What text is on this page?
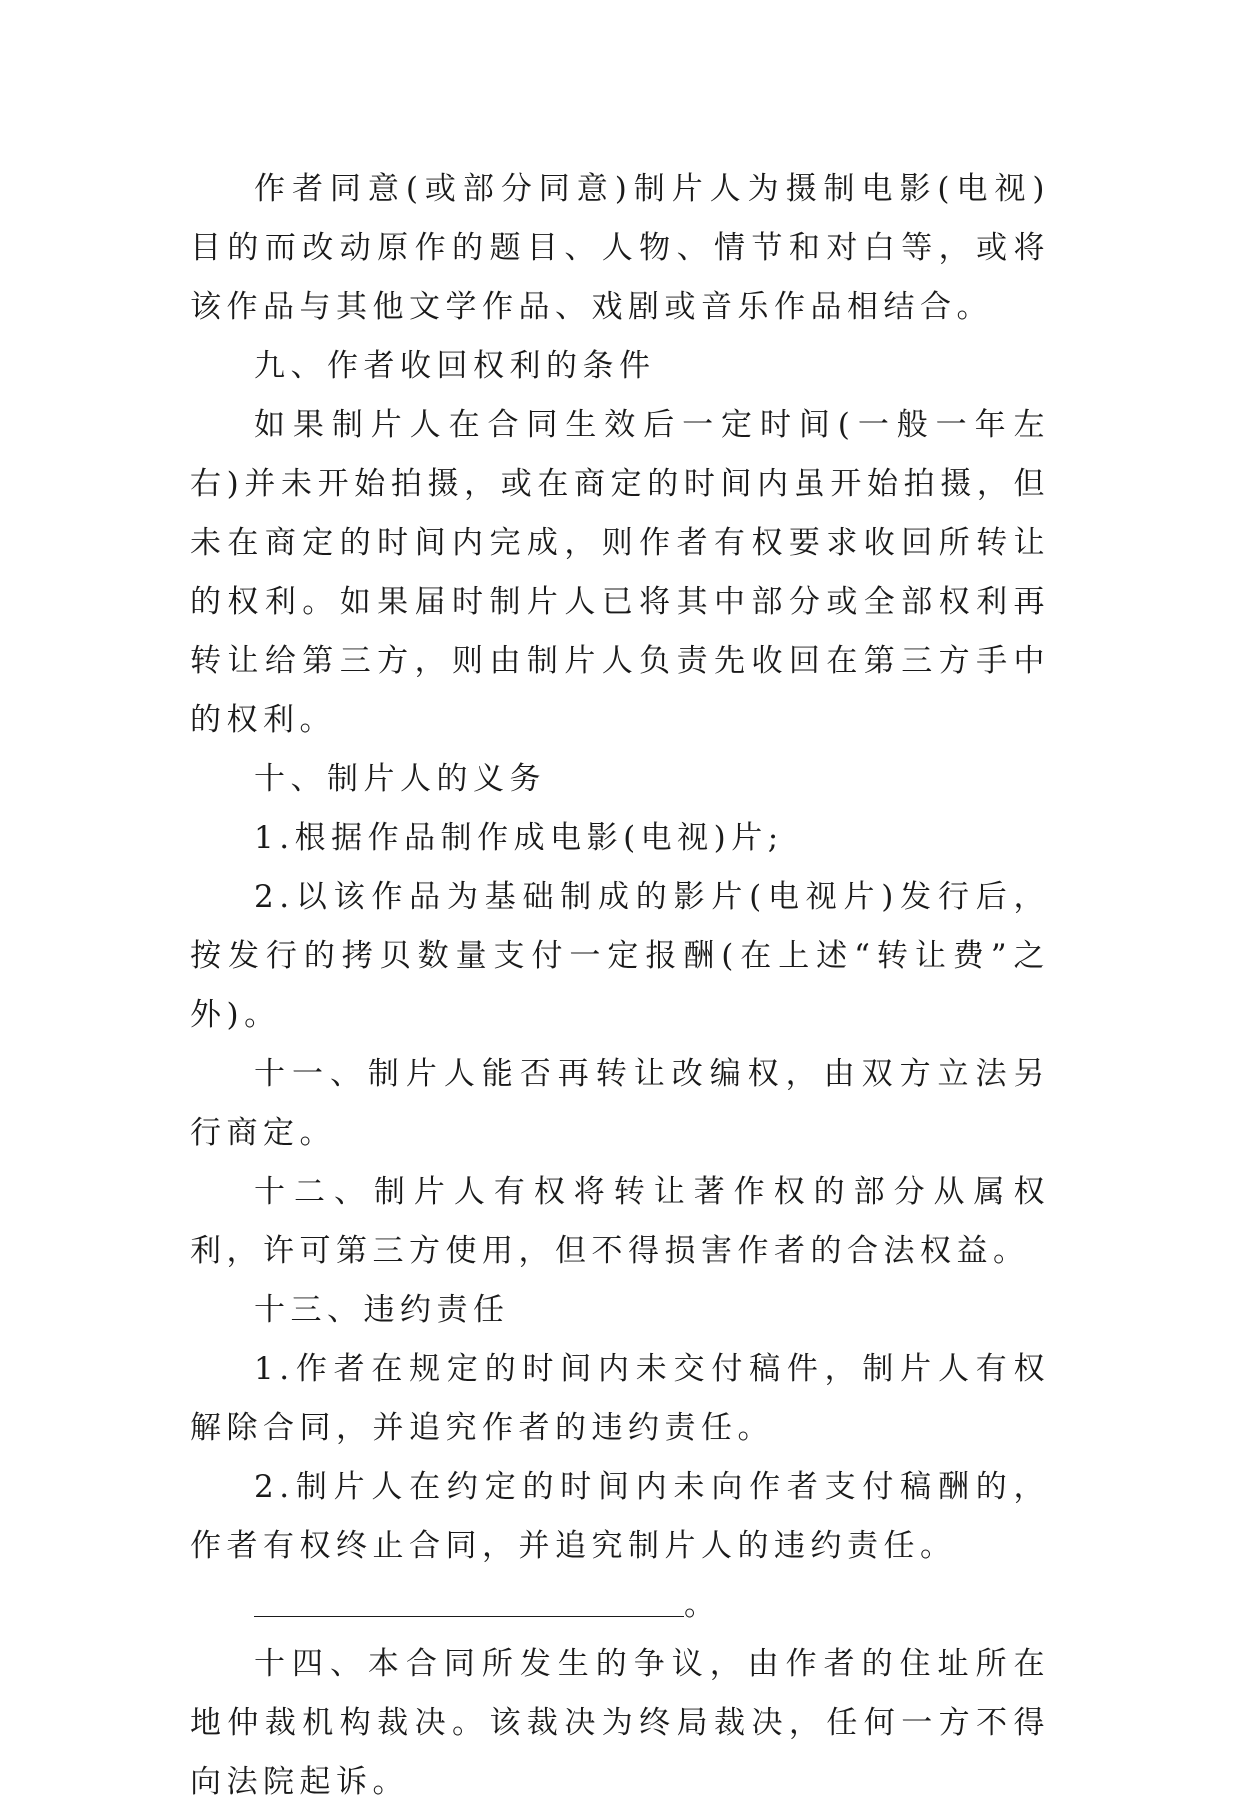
作者同意(或部分同意)制片人为摄制电影(电视)目的而改动原作的题目、人物、情节和对白等，或将该作品与其他文学作品、戏剧或音乐作品相结合。

九、作者收回权利的条件

如果制片人在合同生效后一定时间(一般一年左右)并未开始拍摄，或在商定的时间内虽开始拍摄，但未在商定的时间内完成，则作者有权要求收回所转让的权利。如果届时制片人已将其中部分或全部权利再转让给第三方，则由制片人负责先收回在第三方手中的权利。

十、制片人的义务

1.根据作品制作成电影(电视)片;

2.以该作品为基础制成的影片(电视片)发行后，按发行的拷贝数量支付一定报酬(在上述“转让费”之外)。

十一、制片人能否再转让改编权，由双方立法另行商定。

十二、制片人有权将转让著作权的部分从属权利，许可第三方使用，但不得损害作者的合法权益。

十三、违约责任

1.作者在规定的时间内未交付稿件，制片人有权解除合同，并追究作者的违约责任。

2.制片人在约定的时间内未向作者支付稿酬的，作者有权终止合同，并追究制片人的违约责任。

。

十四、本合同所发生的争议，由作者的住址所在地仲裁机构裁决。该裁决为终局裁决，任何一方不得向法院起诉。
